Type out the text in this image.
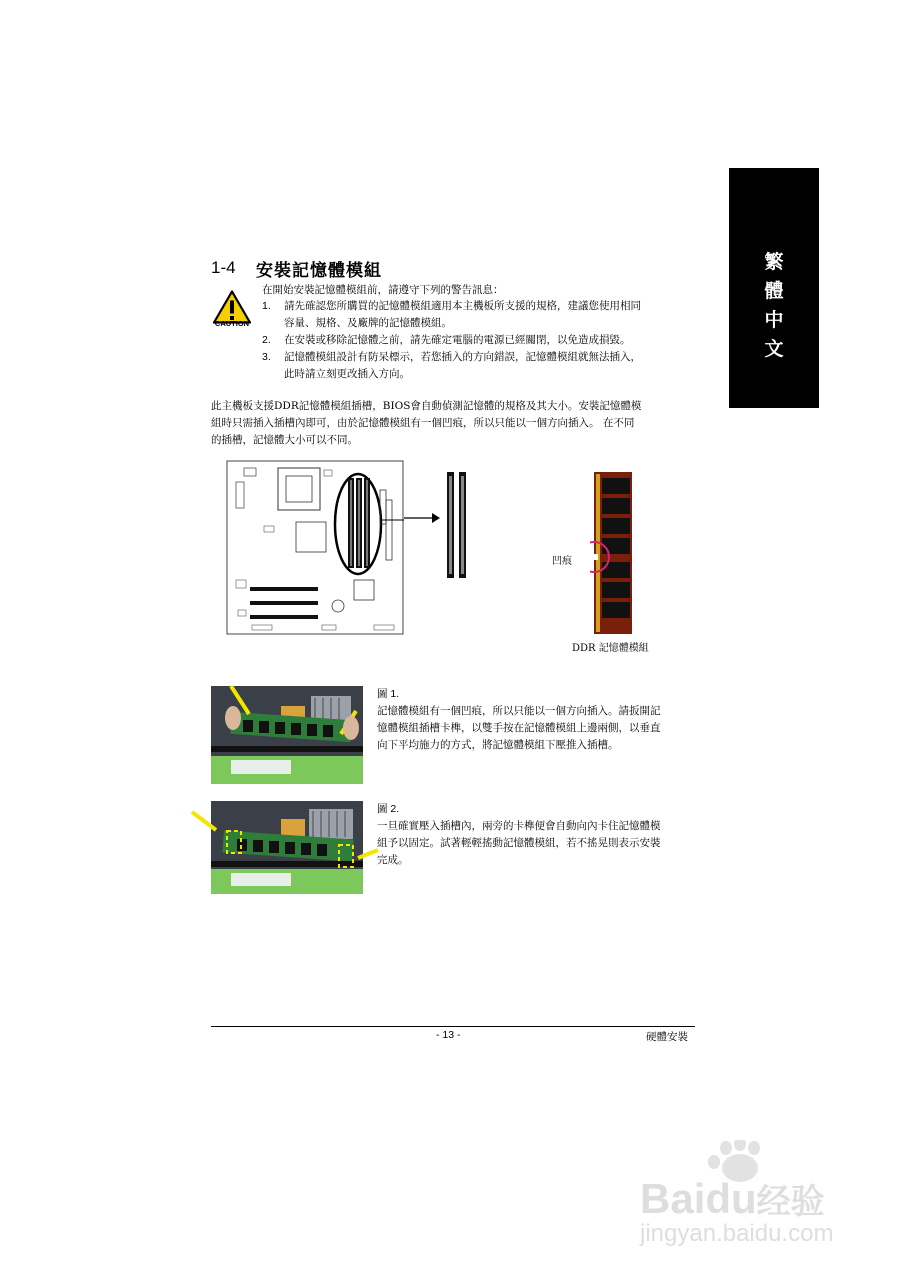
繁
體
中
文
1-4 安裝記憶體模組
CAUTION
在開始安裝記憶體模組前，請遵守下列的警告訊息：
1. 請先確認您所購買的記憶體模組適用本主機板所支援的規格，建議您使用相同
容量、規格、及廠牌的記憶體模組。
2. 在安裝或移除記憶體之前，請先確定電腦的電源已經關閉，以免造成損毀。
3. 記憶體模組設計有防呆標示，若您插入的方向錯誤，記憶體模組就無法插入，
此時請立刻更改插入方向。
此主機板支援DDR記憶體模組插槽，BIOS會自動偵測記憶體的規格及其大小。安裝記憶體模
組時只需插入插槽內即可，由於記憶體模組有一個凹痕，所以只能以一個方向插入。 在不同
的插槽，記憶體大小可以不同。
凹痕
DDR 記憶體模組
圖 1.
記憶體模組有一個凹痕，所以只能以一個方向插入。請扳開記
憶體模組插槽卡榫，以雙手按在記憶體模組上邊兩側，以垂直
向下平均施力的方式，將記憶體模組下壓推入插槽。
圖 2.
一旦確實壓入插槽內，兩旁的卡榫便會自動向內卡住記憶體模
組予以固定。試著輕輕搖動記憶體模組，若不搖晃則表示安裝
完成。
- 13 -	硬體安裝
Baidu经验
jingyan.baidu.com
